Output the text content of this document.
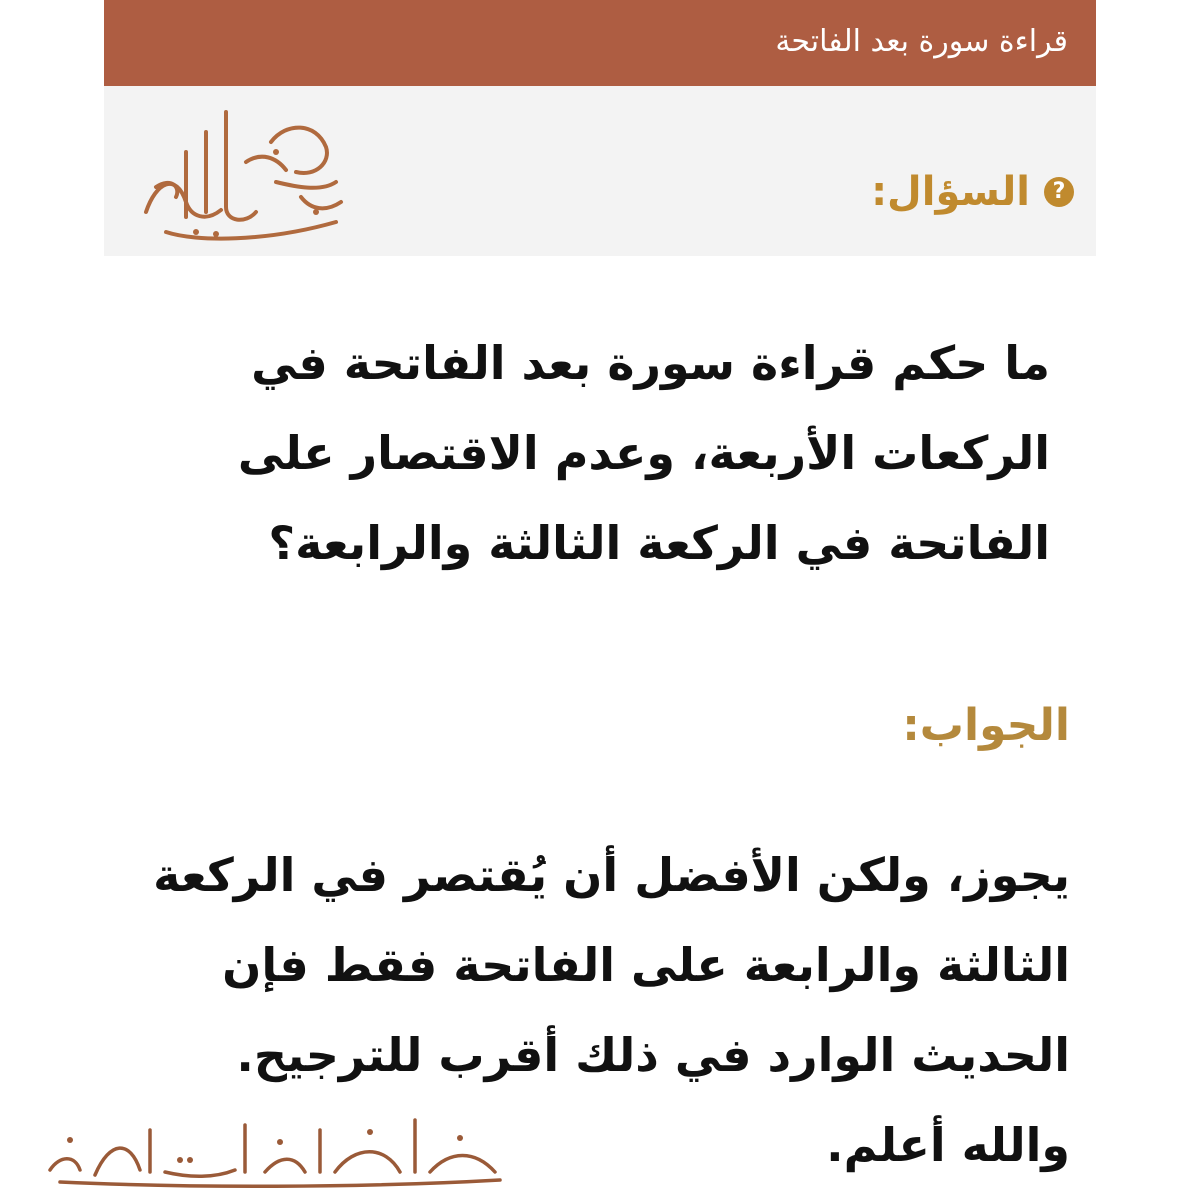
قراءة سورة بعد الفاتحة
?
السؤال:
ما حكم قراءة سورة بعد الفاتحة في
الركعات الأربعة، وعدم الاقتصار على
الفاتحة في الركعة الثالثة والرابعة؟
الجواب:
يجوز، ولكن الأفضل أن يُقتصر في الركعة
الثالثة والرابعة على الفاتحة فقط فإن
الحديث الوارد في ذلك أقرب للترجيح.
والله أعلم.
